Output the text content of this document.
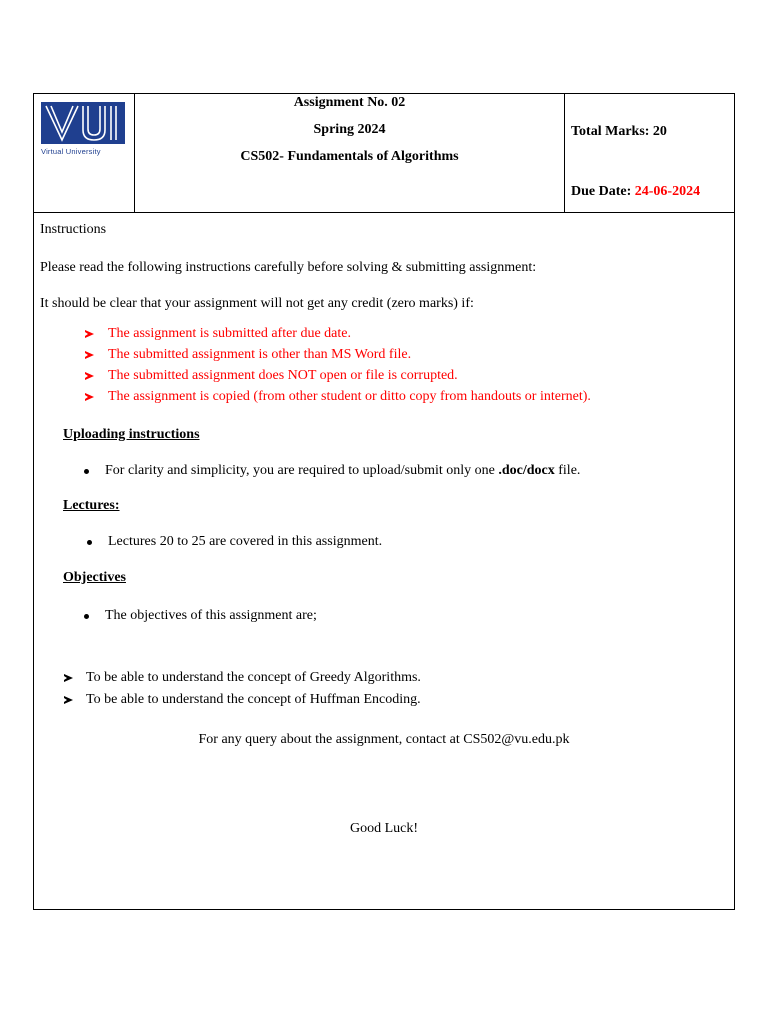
Virtual University
Assignment No. 02
Spring 2024
CS502- Fundamentals of Algorithms
Total Marks: 20
Due Date: 24-06-2024
Instructions
Please read the following instructions carefully before solving & submitting assignment:
It should be clear that your assignment will not get any credit (zero marks) if:
The assignment is submitted after due date.
The submitted assignment is other than MS Word file.
The submitted assignment does NOT open or file is corrupted.
The assignment is copied (from other student or ditto copy from handouts or internet).
Uploading instructions
For clarity and simplicity, you are required to upload/submit only one .doc/docx file.
Lectures:
Lectures 20 to 25 are covered in this assignment.
Objectives
The objectives of this assignment are;
To be able to understand the concept of Greedy Algorithms.
To be able to understand the concept of Huffman Encoding.
For any query about the assignment, contact at CS502@vu.edu.pk
Good Luck!
